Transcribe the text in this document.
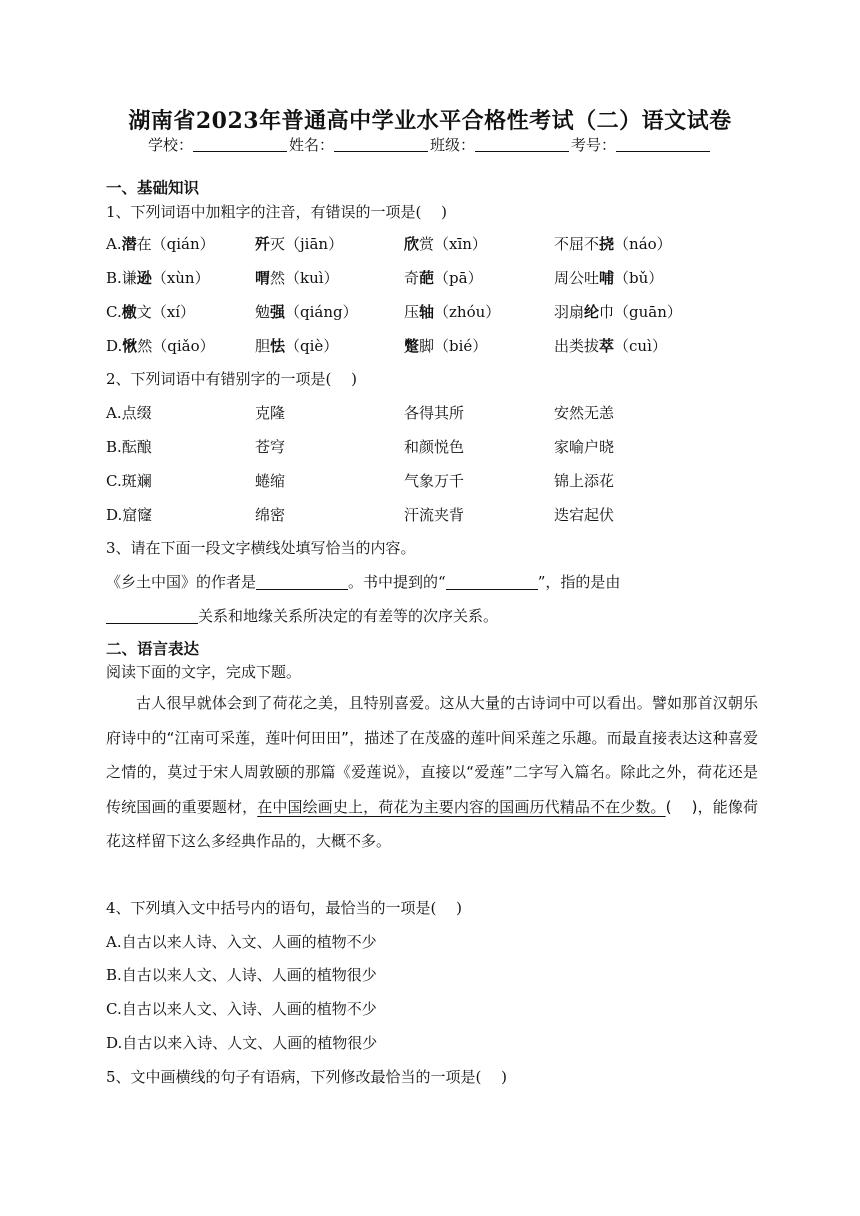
湖南省2023年普通高中学业水平合格性考试（二）语文试卷
学校：	姓名：	班级：	考号：
一、基础知识
1、下列词语中加粗字的注音，有错误的一项是(　 )
A.潜在（qián）	歼灭（jiān）	欣赏（xīn）	不屈不挠（náo）
B.谦逊（xùn）	喟然（kuì）	奇葩（pā）	周公吐哺（bǔ）
C.檄文（xí）	勉强（qiáng）	压轴（zhóu）	羽扇纶巾（guān）
D.愀然（qiǎo）	胆怯（qiè）	蹩脚（bié）	出类拔萃（cuì）
2、下列词语中有错别字的一项是(　 )
A.点缀	克隆	各得其所	安然无恙
B.酝酿	苍穹	和颜悦色	家喻户晓
C.斑斓	蜷缩	气象万千	锦上添花
D.窟窿	绵密	汗流夹背	迭宕起伏
3、请在下面一段文字横线处填写恰当的内容。
《乡土中国》的作者是	。书中提到的“	”，指的是由
关系和地缘关系所决定的有差等的次序关系。
二、语言表达
阅读下面的文字，完成下题。
古人很早就体会到了荷花之美，且特别喜爱。这从大量的古诗词中可以看出。譬如那首汉朝乐府诗中的“江南可采莲，莲叶何田田”，描述了在茂盛的莲叶间采莲之乐趣。而最直接表达这种喜爱之情的，莫过于宋人周敦颐的那篇《爱莲说》，直接以“爱莲”二字写入篇名。除此之外，荷花还是传统国画的重要题材，在中国绘画史上，荷花为主要内容的国画历代精品不在少数。(　 )，能像荷花这样留下这么多经典作品的，大概不多。
4、下列填入文中括号内的语句，最恰当的一项是(　 )
A.自古以来人诗、入文、人画的植物不少
B.自古以来人文、人诗、人画的植物很少
C.自古以来人文、入诗、人画的植物不少
D.自古以来入诗、人文、人画的植物很少
5、文中画横线的句子有语病，下列修改最恰当的一项是(　 )
